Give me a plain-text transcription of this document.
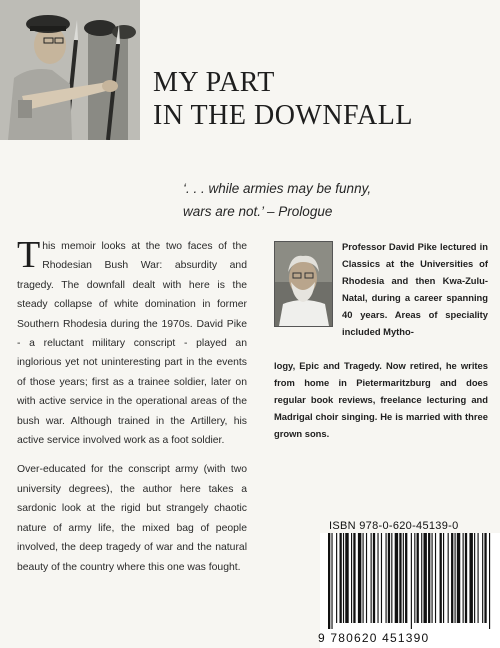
MY PART
IN THE DOWNFALL
‘. . . while armies may be funny,
wars are not.’ – Prologue

This memoir looks at the two faces of the Rhodesian Bush War: absurdity and tragedy. The downfall dealt with here is the steady collapse of white domination in former Southern Rhodesia during the 1970s. David Pike - a reluctant military conscript - played an inglorious yet not uninteresting part in the events of those years; first as a trainee soldier, later on with active service in the operational areas of the bush war. Although trained in the Artillery, his active service involved work as a foot soldier.

Over-educated for the conscript army (with two university degrees), the author here takes a sardonic look at the rigid but strangely chaotic nature of army life, the mixed bag of people involved, the deep tragedy of war and the natural beauty of the country where this one was fought.

Professor David Pike lectured in Classics at the Universities of Rhodesia and then Kwa-Zulu-Natal, during a career spanning 40 years. Areas of speciality included Mytho-
logy, Epic and Tragedy. Now retired, he writes from home in Pietermaritzburg and does regular book reviews, freelance lecturing and Madrigal choir singing. He is married with three grown sons.
ISBN 978-0-620-45139-0
9 780620 451390
